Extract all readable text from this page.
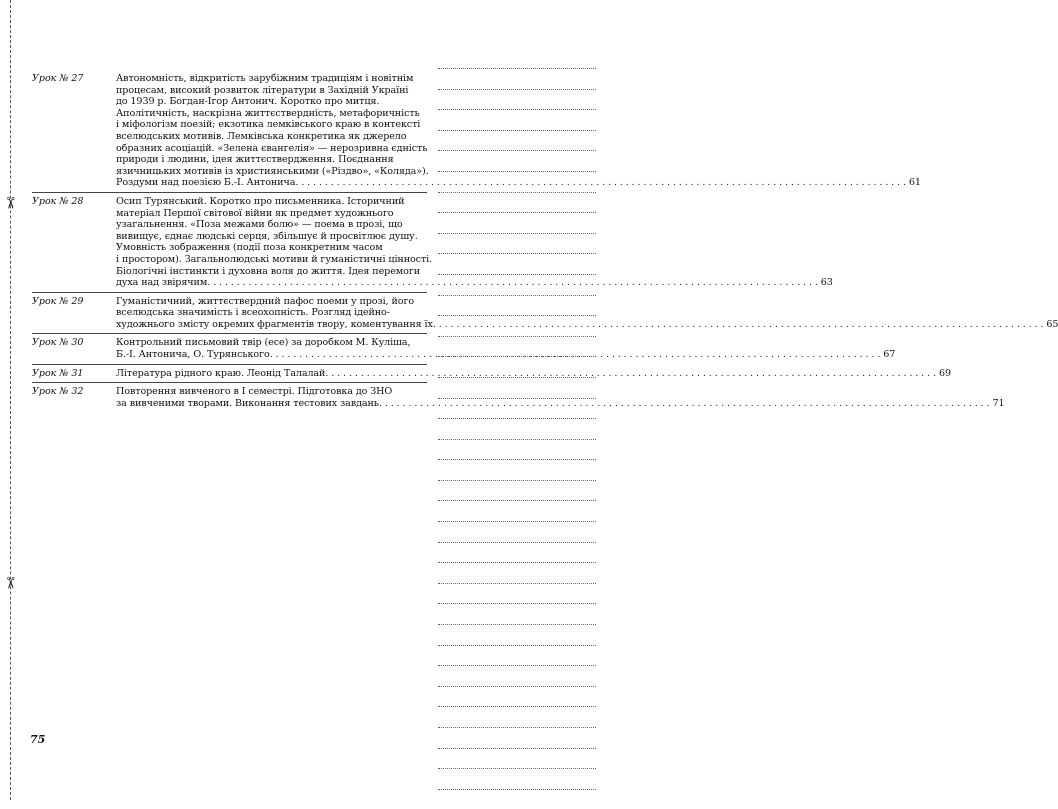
✂
✂
Урок № 27	Автономність, відкритість зарубіжним традиціям і новітнім
процесам, високий розвиток літератури в Західній Україні
до 1939 р. Богдан-Ігор Антонич. Коротко про митця.
Аполітичність, наскрізна життєствердність, метафоричність
і міфологізм поезій; екзотика лемківського краю в контексті
вселюдських мотивів. Лемківська конкретика як джерело
образних асоціацій. «Зелена євангелія» — нерозривна єдність
природи і людини, ідея життєствердження. Поєднання
язичницьких мотивів із християнськими («Різдво», «Коляда»).
Роздуми над поезією Б.-І. Антонича . . . . . . . . . . . . . . . . . . . . . . . . . . . . . . . . . . . . . . . . . . . . . . . . . . . . . . . . . . . . . . . . . . . . . . . . . . . . . . . . . . . . . . . . . . . . . . . . . . . . . . . . 61
Урок № 28	Осип Турянський. Коротко про письменника. Історичний
матеріал Першої світової війни як предмет художнього
узагальнення. «Поза межами болю» — поема в прозі, що
вивищує, єднає людські серця, збільшує й просвітлює душу.
Умовність зображення (події поза конкретним часом
і простором). Загальнолюдські мотиви й гуманістичні цінності.
Біологічні інстинкти і духовна воля до життя. Ідея перемоги
духа над звірячим . . . . . . . . . . . . . . . . . . . . . . . . . . . . . . . . . . . . . . . . . . . . . . . . . . . . . . . . . . . . . . . . . . . . . . . . . . . . . . . . . . . . . . . . . . . . . . . . . . . . . . . . 63
Урок № 29	Гуманістичний, життєствердний пафос поеми у прозі, його
вселюдська значимість і всеохопність. Розгляд ідейно-
художнього змісту окремих фрагментів твору, коментування їх . . . . . . . . . . . . . . . . . . . . . . . . . . . . . . . . . . . . . . . . . . . . . . . . . . . . . . . . . . . . . . . . . . . . . . . . . . . . . . . . . . . . . . . . . . . . . . . . . . . . . . . . 65
Урок № 30	Контрольний письмовий твір (есе) за доробком М. Куліша,
Б.-І. Антонича, О. Турянського . . . . . . . . . . . . . . . . . . . . . . . . . . . . . . . . . . . . . . . . . . . . . . . . . . . . . . . . . . . . . . . . . . . . . . . . . . . . . . . . . . . . . . . . . . . . . . . . . . . . . . . . 67
Урок № 31	Література рідного краю. Леонід Талалай . . . . . . . . . . . . . . . . . . . . . . . . . . . . . . . . . . . . . . . . . . . . . . . . . . . . . . . . . . . . . . . . . . . . . . . . . . . . . . . . . . . . . . . . . . . . . . . . . . . . . . . . 69
Урок № 32	Повторення вивченого в I семестрі. Підготовка до ЗНО
за вивченими творами. Виконання тестових завдань . . . . . . . . . . . . . . . . . . . . . . . . . . . . . . . . . . . . . . . . . . . . . . . . . . . . . . . . . . . . . . . . . . . . . . . . . . . . . . . . . . . . . . . . . . . . . . . . . . . . . . . . 71
75
